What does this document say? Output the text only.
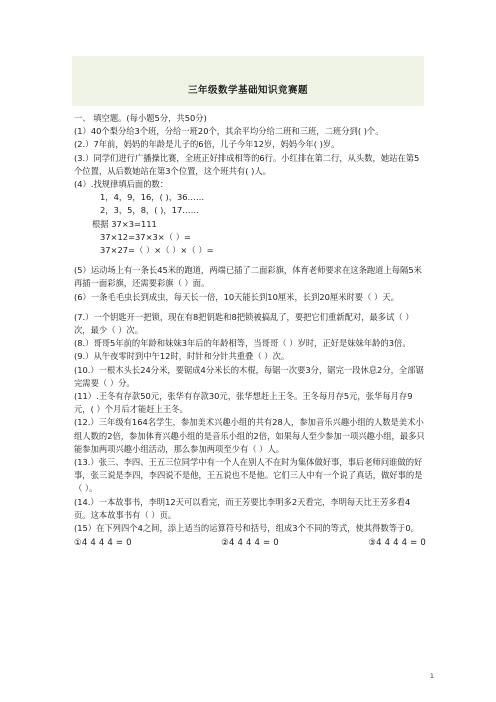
三年级数学基础知识竞赛题

一、 填空题。(每小题5分，共50分)

(1）40个梨分给3个班，分给一班20个，其余平均分给二班和三班，二班分到( )个。

(2.）7年前，妈妈的年龄是儿子的6倍，儿子今年12岁，妈妈今年( )岁。

(3.）同学们进行广播操比赛，全班正好排成相等的6行。小红排在第二行，从头数，她站在第5个位置，从后数她站在第3个位置，这个班共有( )人。

(4）.找规律填后面的数：

1，4，9，16，( )，36……

2，3，5，8，( )，17……

根据 37×3=111

37×12=37×3×（ ）=

37×27=（ ）×（ ）×（ ）=

(5）运动场上有一条长45米的跑道，两端已插了二面彩旗，体育老师要求在这条跑道上每隔5米再插一面彩旗，还需要彩旗（ ）面。

(6）一条毛毛虫长到成虫，每天长一倍，10天能长到10厘米，长到20厘米时要（ ）天。

(7.）一个钥匙开一把锁，现在有8把钥匙和8把锁被搞乱了，要把它们重新配对，最多试（ ）次，最少（ ）次。

(8.）哥哥5年前的年龄和妹妹3年后的年龄相等，当哥哥（ ）岁时，正好是妹妹年龄的3倍。

(9.）从午夜零时到中午12时，时针和分针共重叠（ ）次。

(10.）一根木头长24分米，要锯成4分米长的木棍，每锯一次要3分，锯完一段休息2分，全部锯完需要（ ）分。

(11）.王冬有存款50元，张华有存款30元，张华想赶上王冬。王冬每月存5元，张华每月存9元，( ）个月后才能赶上王冬。

(12.）三年级有164名学生，参加美术兴趣小组的共有28人，参加音乐兴趣小组的人数是美术小组人数的2倍，参加体育兴趣小组的是音乐小组的2倍，如果每人至少参加一项兴趣小组，最多只能参加两项兴趣小组活动，那么参加两项至少有（ ）人。

(13.）张三、李四、王五三位同学中有一个人在别人不在时为集体做好事，事后老师问谁做的好事，张三说是李四，李四说不是他，王五说也不是他。它们三人中有一个说了真话，做好事的是（ ）。

(14.）一本故事书，李明12天可以看完，而王芳要比李明多2天看完，李明每天比王芳多看4页。这本故事书有（ ）页。

(15）在下列四个4之间，添上适当的运算符号和括号，组成3个不同的等式，使其得数等于0。

①4 4 4 4 = 0	②4 4 4 4 = 0	③4 4 4 4 = 0
1
